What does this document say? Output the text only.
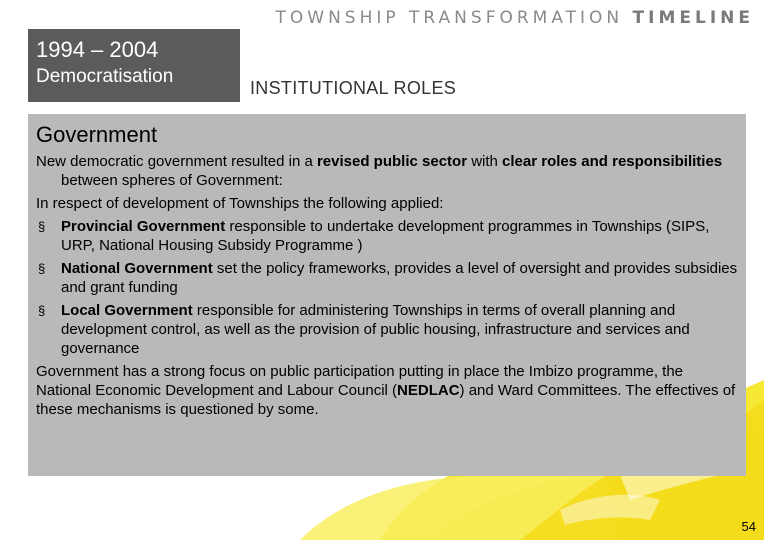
TOWNSHIP TRANSFORMATION TIMELINE
1994 – 2004
Democratisation
INSTITUTIONAL ROLES
Government

New democratic government resulted in a revised public sector with clear roles and responsibilities between spheres of Government:

In respect of development of Townships the following applied:

§ Provincial Government responsible to undertake development programmes in Townships (SIPS, URP, National Housing Subsidy Programme )
§ National Government set the policy frameworks, provides a level of oversight and provides subsidies and grant funding
§ Local Government responsible for administering Townships in terms of overall planning and development control, as well as the provision of public housing, infrastructure and services and governance

Government has a strong focus on public participation putting in place the Imbizo programme, the National Economic Development and Labour Council (NEDLAC) and Ward Committees. The effectives of these mechanisms is questioned by some.

54
